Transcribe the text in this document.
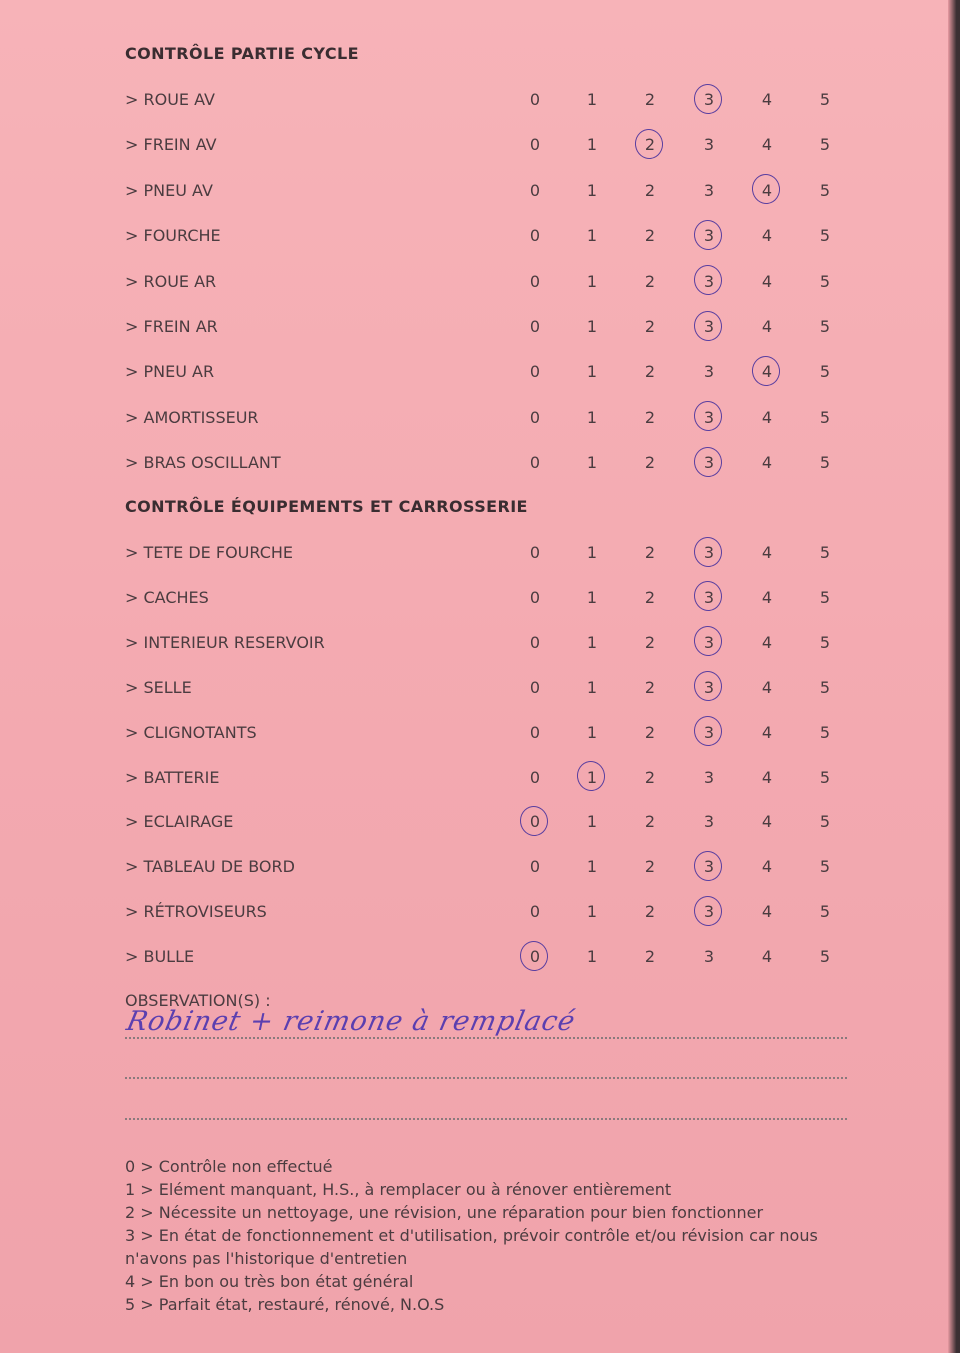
CONTRÔLE PARTIE CYCLE
> ROUE AV	0	1	2	3	4	5
> FREIN AV	0	1	2	3	4	5
> PNEU AV	0	1	2	3	4	5
> FOURCHE	0	1	2	3	4	5
> ROUE AR	0	1	2	3	4	5
> FREIN AR	0	1	2	3	4	5
> PNEU AR	0	1	2	3	4	5
> AMORTISSEUR	0	1	2	3	4	5
> BRAS OSCILLANT	0	1	2	3	4	5
CONTRÔLE ÉQUIPEMENTS ET CARROSSERIE
> TETE DE FOURCHE	0	1	2	3	4	5
> CACHES	0	1	2	3	4	5
> INTERIEUR RESERVOIR	0	1	2	3	4	5
> SELLE	0	1	2	3	4	5
> CLIGNOTANTS	0	1	2	3	4	5
> BATTERIE	0	1	2	3	4	5
> ECLAIRAGE	0	1	2	3	4	5
> TABLEAU DE BORD	0	1	2	3	4	5
> RÉTROVISEURS	0	1	2	3	4	5
> BULLE	0	1	2	3	4	5
OBSERVATION(S) :
Robinet + reimone à remplacé
0 > Contrôle non effectué
1 > Elément manquant, H.S., à remplacer ou à rénover entièrement
2 > Nécessite un nettoyage, une révision, une réparation pour bien fonctionner
3 > En état de fonctionnement et d'utilisation, prévoir contrôle et/ou révision car nous n'avons pas l'historique d'entretien
4 > En bon ou très bon état général
5 > Parfait état, restauré, rénové, N.O.S
